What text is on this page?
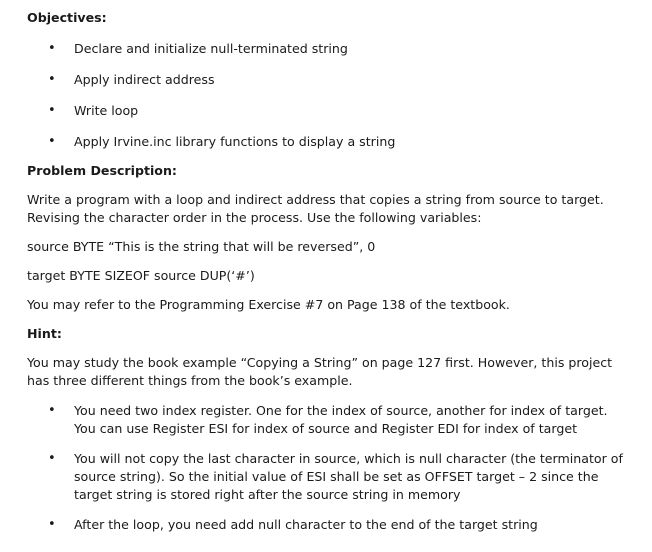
Objectives:

• Declare and initialize null-terminated string
• Apply indirect address
• Write loop
• Apply Irvine.inc library functions to display a string

Problem Description:

Write a program with a loop and indirect address that copies a string from source to target. Revising the character order in the process. Use the following variables:

source BYTE “This is the string that will be reversed”, 0

target BYTE SIZEOF source DUP(‘#’)

You may refer to the Programming Exercise #7 on Page 138 of the textbook.

Hint:

You may study the book example “Copying a String” on page 127 first. However, this project has three different things from the book’s example.

• You need two index register. One for the index of source, another for index of target. You can use Register ESI for index of source and Register EDI for index of target
• You will not copy the last character in source, which is null character (the terminator of source string). So the initial value of ESI shall be set as OFFSET target – 2 since the target string is stored right after the source string in memory
• After the loop, you need add null character to the end of the target string
